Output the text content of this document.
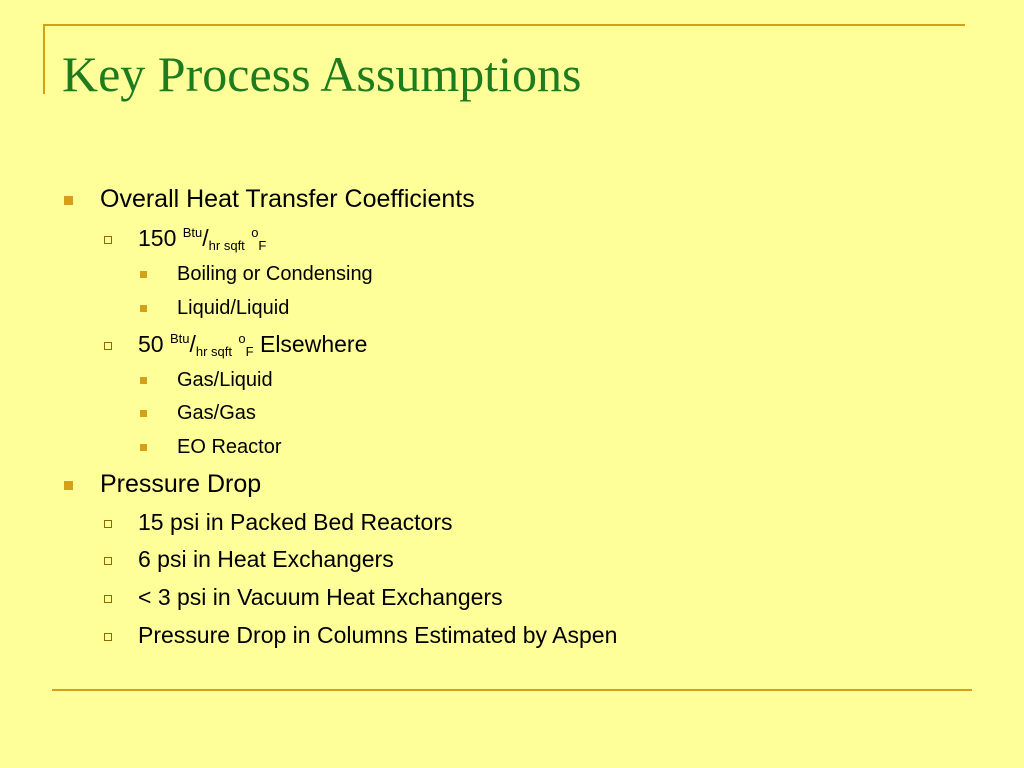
Key Process Assumptions
Overall Heat Transfer Coefficients
150 $^{Btu}/_{hr sqft}$ $^o_F$
Boiling or Condensing
Liquid/Liquid
50 $^{Btu}/_{hr sqft}$ $^o_F$ Elsewhere
Gas/Liquid
Gas/Gas
EO Reactor
Pressure Drop
15 psi in Packed Bed Reactors
6 psi in Heat Exchangers
< 3 psi in Vacuum Heat Exchangers
Pressure Drop in Columns Estimated by Aspen
